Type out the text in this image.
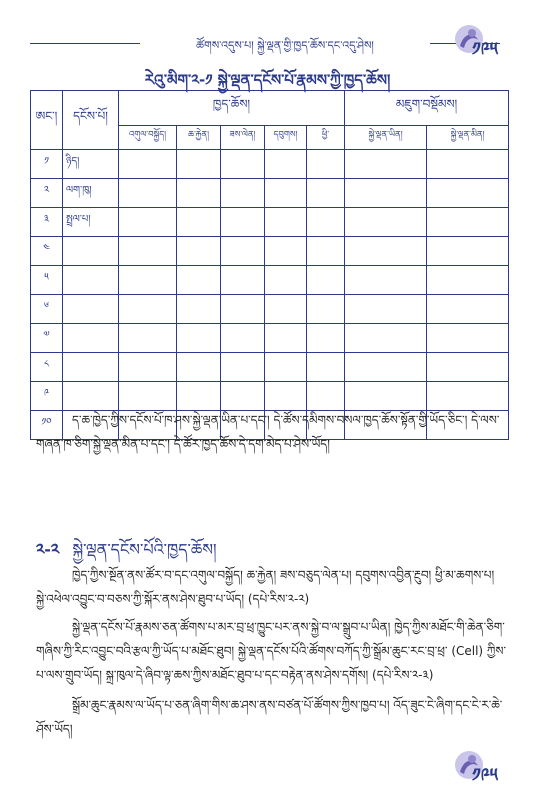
ཚོགས་འདུས་པ། སྐྱེ་ལྡན་གྱི་ཁྱད་ཆོས་དང་འདུ་ཤེས།	༡༩༥
རེའུ་མིག་༢-༡ སྐྱེ་ལྡན་དངོས་པོ་རྣམས་ཀྱི་ཁྱད་ཆོས།
ཨང་།	དངོས་པོ།	ཁྱད་ཆོས།					མཇུག་བསྡོམས།	
		འགུལ་བསྐྱོད།	ཆ་རྐྱེན།	ཟས་ལེན།	དབུགས།	ཕྱི་	སྐྱེ་ལྡན་ཡིན།	སྐྱེ་ལྡན་མིན།
༡	ཉིད།							
༢	ལག་ཁུ།							
༣	སྤྲལ་པ།							
༤								
༥								
༦								
༧								
༨								
༩								
༡༠									ད་ཆ་ཁྱེད་ཀྱིས་དངོས་པོ་ཁ་ཤས་སྐྱེ་ལྡན་ཡིན་པ་དང་། དེ་ཚོས་དམིགས་བསལ་ཁྱད་ཆོས་སྟོན་གྱི་ཡོད་ཅིང་། དེ་ལས་གཞན་ཁ་ཅིག་སྐྱེ་ལྡན་མིན་པ་དང་། དེ་ཚོར་ཁྱད་ཆོས་དེ་དག་མེད་པ་ཤེས་ཡོད།
༢-༢ སྐྱེ་ལྡན་དངོས་པོའི་ཁྱད་ཆོས།
ཁྱེད་ཀྱིས་སྔོན་ནས་ཚོར་བ་དང་འགུལ་བསྐྱོད། ཆ་རྐྱེན། ཟས་བཅུད་ལེན་པ། དབུགས་འབྱིན་རྔུབ། ཕྱི་མ་ཆགས་པ། སྐྱེ་འཕེལ་འབྱུང་བ་བཅས་ཀྱི་སྐོར་ནས་ཤེས་ཐུབ་པ་ཡོད། (དཔེ་རིས་༢-༢)
སྐྱེ་ལྡན་དངོས་པོ་རྣམས་ཅན་ཚོགས་པ་མར་བྲ་ཕྲ་ཁྱུང་པར་ནས་སྐྱེ་བ་ལ་སྒྲུབ་པ་ཡིན། ཁྱེད་ཀྱིས་མཐོང་གི་ཆེན་ཅིག་གཞིས་ཀྱི་རིང་འབྱུང་བའི་རྩལ་ཀྱི་ཡོད་པ་མཐོང་ཐུབ། སྐྱེ་ལྡན་དངོས་པོའི་ཚོགས་བཀོད་ཀྱི་སྒྲོམ་ཆུང་རང་བྲ་ཕྲ་ (Cell) ཀྱིས་པ་ལས་གྲུབ་ཡོད། སྐྲ་ཁུལ་དེ་ཞིབ་ལྟ་ཆས་ཀྱིས་མཐོང་ཐུབ་པ་དང་བརྟེན་ནས་ཤེས་དགོས། (དཔེ་རིས་༢-༣)
སྒྲོམ་ཆུང་རྣམས་ལ་ཡོད་པ་ཅན་ཞིག་གིས་ཆ་ཤས་ནས་བཙན་པོ་ཚོགས་ཀྱིས་ཁྱབ་པ། འོད་ཟུང་ངེ་ཞིག་དང་ངེ་ར་ཆེ་ཤོས་ཡོད།
༡༩༥
